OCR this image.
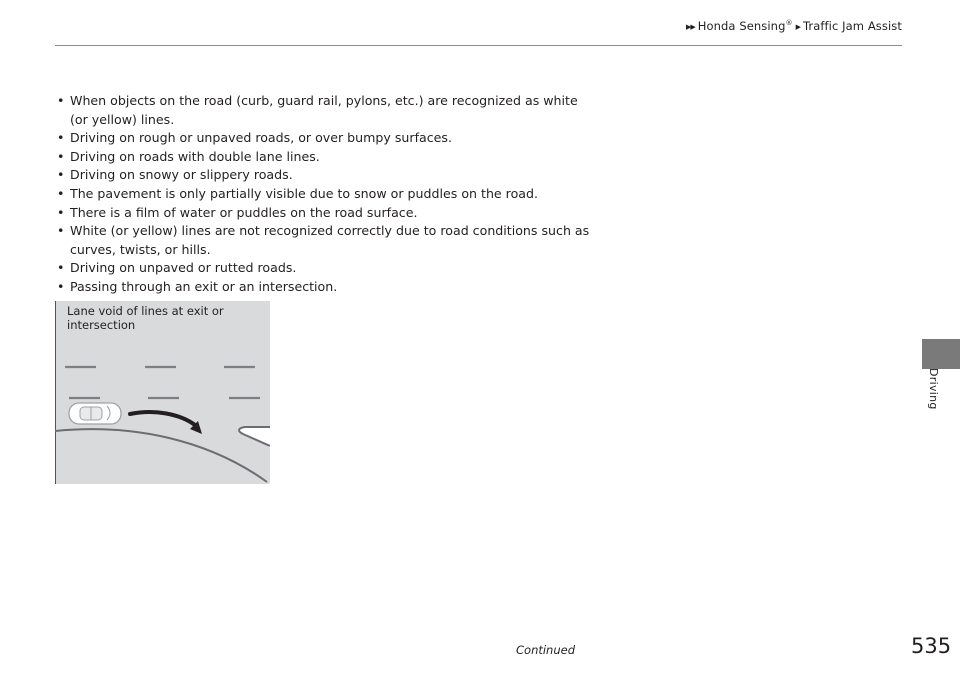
▶▶ Honda Sensing® ▶ Traffic Jam Assist
• When objects on the road (curb, guard rail, pylons, etc.) are recognized as white (or yellow) lines.
• Driving on rough or unpaved roads, or over bumpy surfaces.
• Driving on roads with double lane lines.
• Driving on snowy or slippery roads.
• The pavement is only partially visible due to snow or puddles on the road.
• There is a film of water or puddles on the road surface.
• White (or yellow) lines are not recognized correctly due to road conditions such as curves, twists, or hills.
• Driving on unpaved or rutted roads.
• Passing through an exit or an intersection.
Lane void of lines at exit or intersection
Driving
Continued	535
